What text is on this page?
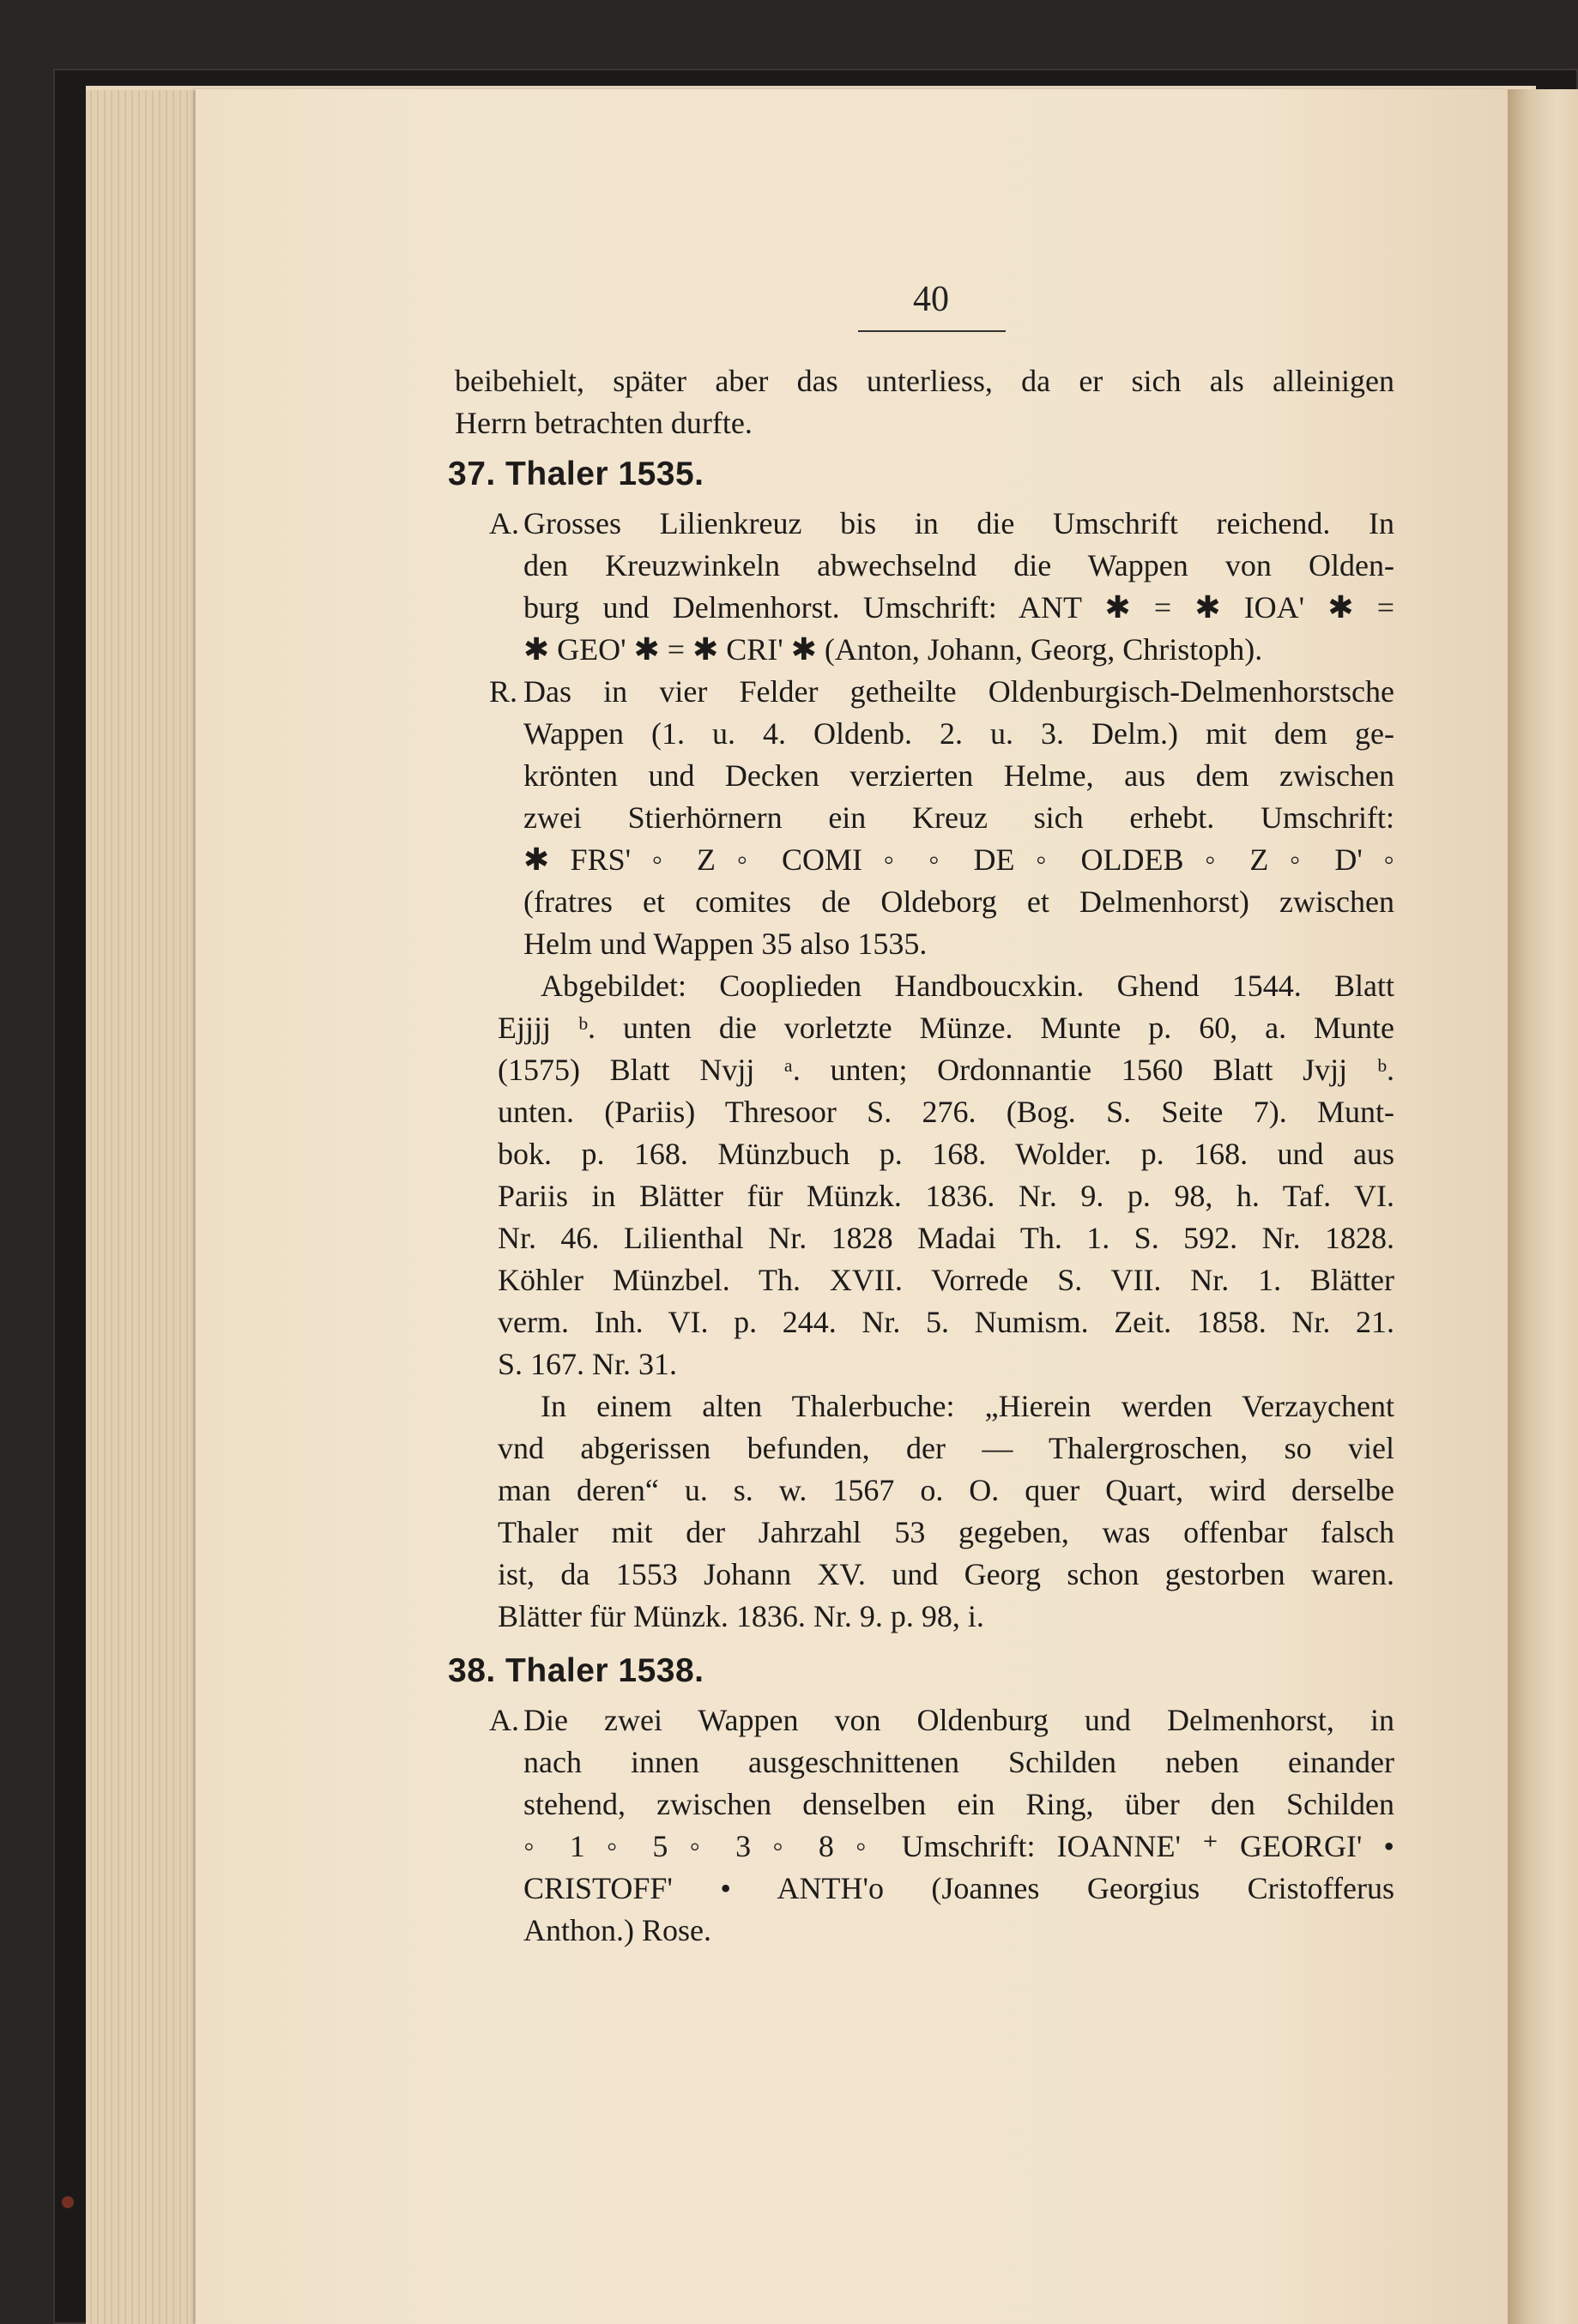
40

beibehielt, später aber das unterliess, da er sich als alleinigen

Herrn betrachten durfte.

37. Thaler 1535.
A. Grosses Lilienkreuz bis in die Umschrift reichend. In

den Kreuzwinkeln abwechselnd die Wappen von Olden-

burg und Delmenhorst. Umschrift: ANT ✱ = ✱ IOA' ✱ =

✱ GEO' ✱ = ✱ CRI' ✱ (Anton, Johann, Georg, Christoph).

R. Das in vier Felder getheilte Oldenburgisch-Delmenhorstsche

Wappen (1. u. 4. Oldenb. 2. u. 3. Delm.) mit dem ge-

krönten und Decken verzierten Helme, aus dem zwischen

zwei Stierhörnern ein Kreuz sich erhebt. Umschrift:

✱ FRS' ◦ Z ◦ COMI ◦ ◦ DE ◦ OLDEB ◦ Z ◦ D' ◦

(fratres et comites de Oldeborg et Delmenhorst) zwischen

Helm und Wappen 35 also 1535.

Abgebildet: Cooplieden Handboucxkin. Ghend 1544. Blatt

Ejjjj ᵇ. unten die vorletzte Münze. Munte p. 60, a. Munte

(1575) Blatt Nvjj ᵃ. unten; Ordonnantie 1560 Blatt Jvjj ᵇ.

unten. (Pariis) Thresoor S. 276. (Bog. S. Seite 7). Munt-

bok. p. 168. Münzbuch p. 168. Wolder. p. 168. und aus

Pariis in Blätter für Münzk. 1836. Nr. 9. p. 98, h. Taf. VI.

Nr. 46. Lilienthal Nr. 1828 Madai Th. 1. S. 592. Nr. 1828.

Köhler Münzbel. Th. XVII. Vorrede S. VII. Nr. 1. Blätter

verm. Inh. VI. p. 244. Nr. 5. Numism. Zeit. 1858. Nr. 21.

S. 167. Nr. 31.

In einem alten Thalerbuche: „Hierein werden Verzaychent

vnd abgerissen befunden, der — Thalergroschen, so viel

man deren“ u. s. w. 1567 o. O. quer Quart, wird derselbe

Thaler mit der Jahrzahl 53 gegeben, was offenbar falsch

ist, da 1553 Johann XV. und Georg schon gestorben waren.

Blätter für Münzk. 1836. Nr. 9. p. 98, i.

38. Thaler 1538.
A. Die zwei Wappen von Oldenburg und Delmenhorst, in

nach innen ausgeschnittenen Schilden neben einander

stehend, zwischen denselben ein Ring, über den Schilden

◦ 1 ◦ 5 ◦ 3 ◦ 8 ◦ Umschrift: IOANNE' ⁺ GEORGI' •

CRISTOFF' • ANTH'o (Joannes Georgius Cristofferus

Anthon.) Rose.
